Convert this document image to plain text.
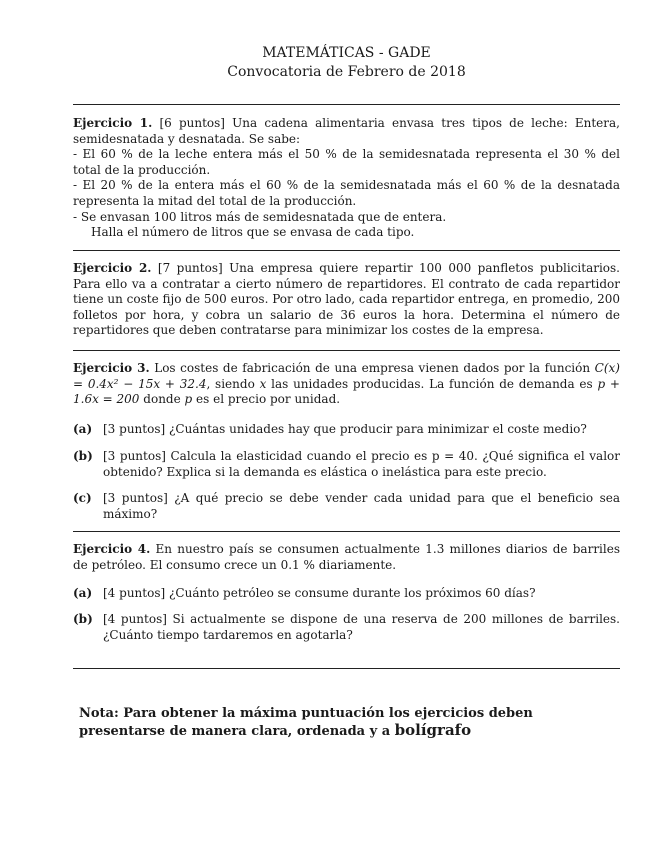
MATEMÁTICAS - GADE
Convocatoria de Febrero de 2018
Ejercicio 1. [6 puntos] Una cadena alimentaria envasa tres tipos de leche: Entera, semidesnatada y desnatada. Se sabe:
- El 60 % de la leche entera más el 50 % de la semidesnatada representa el 30 % del total de la producción.
- El 20 % de la entera más el 60 % de la semidesnatada más el 60 % de la desnatada representa la mitad del total de la producción.
- Se envasan 100 litros más de semidesnatada que de entera.
Halla el número de litros que se envasa de cada tipo.
Ejercicio 2. [7 puntos] Una empresa quiere repartir 100 000 panfletos publicitarios. Para ello va a contratar a cierto número de repartidores. El contrato de cada repartidor tiene un coste fijo de 500 euros. Por otro lado, cada repartidor entrega, en promedio, 200 folletos por hora, y cobra un salario de 36 euros la hora. Determina el número de repartidores que deben contratarse para minimizar los costes de la empresa.
Ejercicio 3. Los costes de fabricación de una empresa vienen dados por la función C(x) = 0.4x² − 15x + 32.4, siendo x las unidades producidas. La función de demanda es p + 1.6x = 200 donde p es el precio por unidad.
(a) [3 puntos] ¿Cuántas unidades hay que producir para minimizar el coste medio?
(b) [3 puntos] Calcula la elasticidad cuando el precio es p = 40. ¿Qué significa el valor obtenido? Explica si la demanda es elástica o inelástica para este precio.
(c) [3 puntos] ¿A qué precio se debe vender cada unidad para que el beneficio sea máximo?
Ejercicio 4. En nuestro país se consumen actualmente 1.3 millones diarios de barriles de petróleo. El consumo crece un 0.1 % diariamente.
(a) [4 puntos] ¿Cuánto petróleo se consume durante los próximos 60 días?
(b) [4 puntos] Si actualmente se dispone de una reserva de 200 millones de barriles. ¿Cuánto tiempo tardaremos en agotarla?
Nota: Para obtener la máxima puntuación los ejercicios deben presentarse de manera clara, ordenada y a bolígrafo
